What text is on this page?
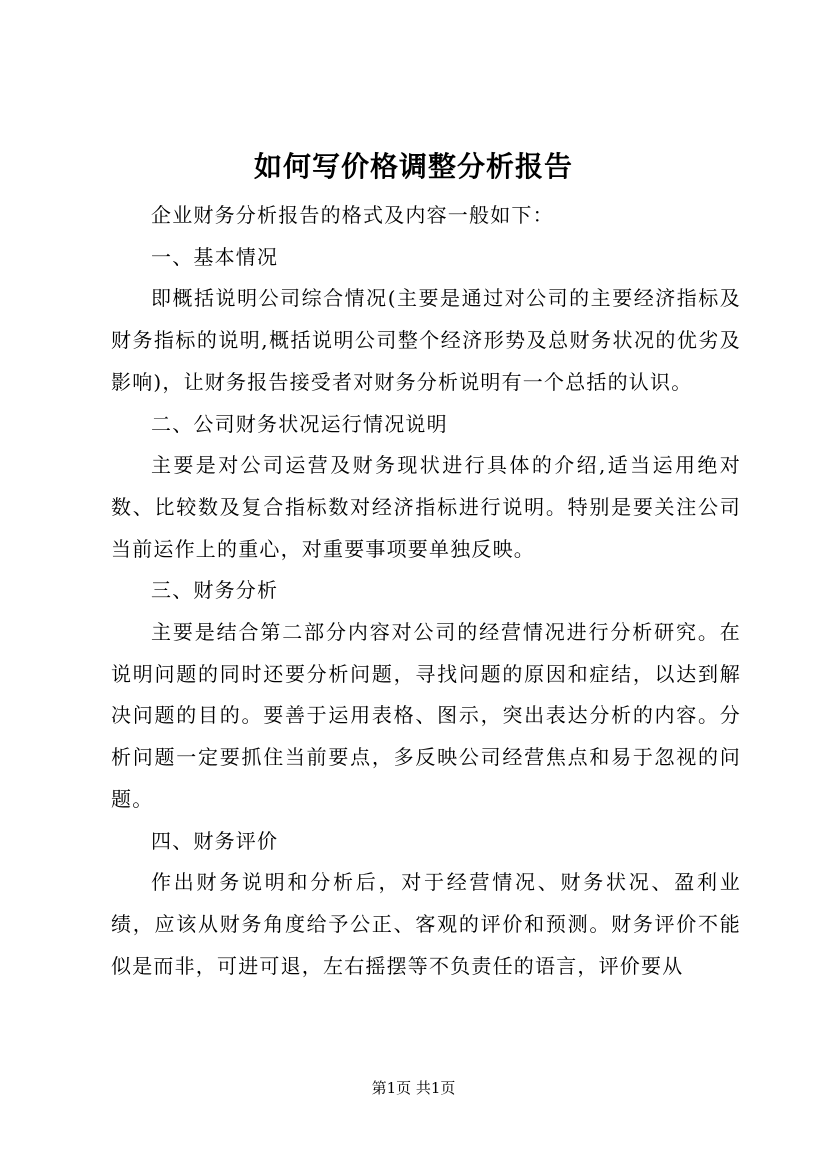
如何写价格调整分析报告

企业财务分析报告的格式及内容一般如下：

一、基本情况

即概括说明公司综合情况(主要是通过对公司的主要经济指标及财务指标的说明,概括说明公司整个经济形势及总财务状况的优劣及影响)，让财务报告接受者对财务分析说明有一个总括的认识。

二、公司财务状况运行情况说明

主要是对公司运营及财务现状进行具体的介绍,适当运用绝对数、比较数及复合指标数对经济指标进行说明。特别是要关注公司当前运作上的重心，对重要事项要单独反映。

三、财务分析

主要是结合第二部分内容对公司的经营情况进行分析研究。在说明问题的同时还要分析问题，寻找问题的原因和症结，以达到解决问题的目的。要善于运用表格、图示，突出表达分析的内容。分析问题一定要抓住当前要点，多反映公司经营焦点和易于忽视的问题。

四、财务评价

作出财务说明和分析后，对于经营情况、财务状况、盈利业绩，应该从财务角度给予公正、客观的评价和预测。财务评价不能似是而非，可进可退，左右摇摆等不负责任的语言，评价要从

第1页 共1页
